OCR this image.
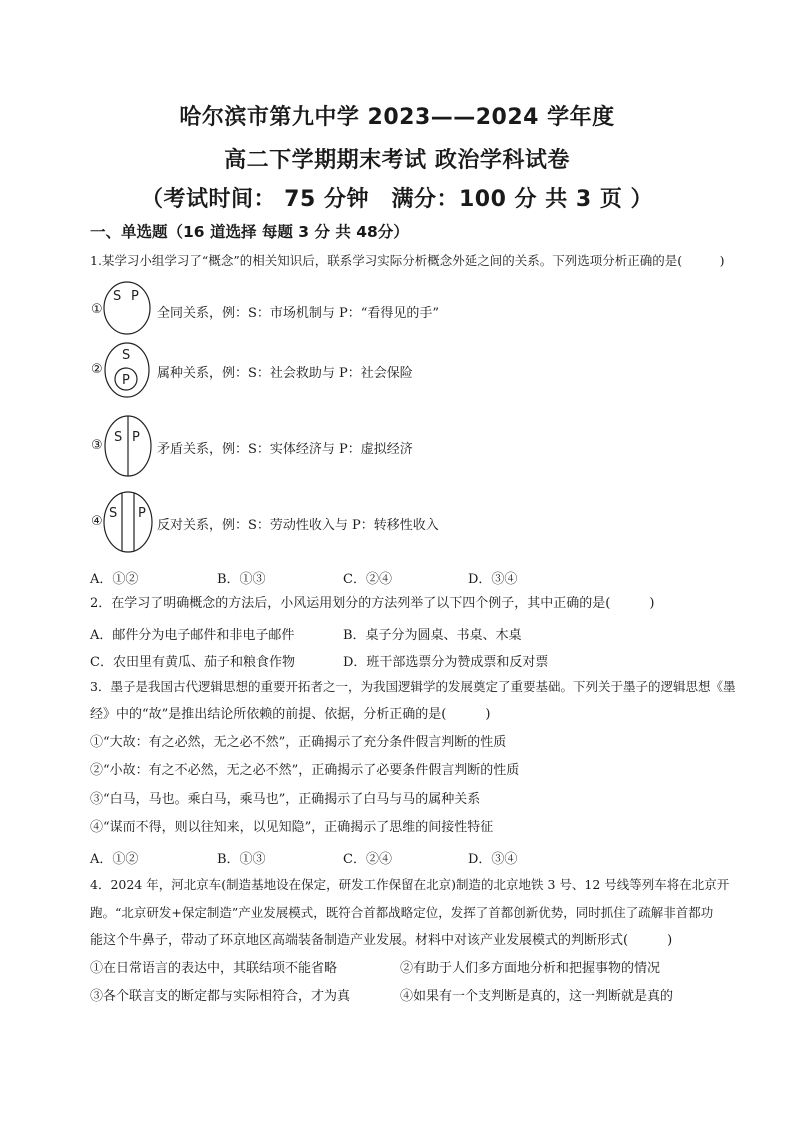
哈尔滨市第九中学 2023——2024 学年度
高二下学期期末考试 政治学科试卷
（考试时间： 75 分钟　满分：100 分 共 3 页 ）
一、单选题（16 道选择 每题 3 分 共 48分）
1.某学习小组学习了“概念”的相关知识后，联系学习实际分析概念外延之间的关系。下列选项分析正确的是(　　　)
①
S P
全同关系，例：S：市场机制与 P：“看得见的手”
②
S
P 属种关系，例：S：社会救助与 P：社会保险
③
S P
矛盾关系，例：S：实体经济与 P：虚拟经济
④
S P
反对关系，例：S：劳动性收入与 P：转移性收入
A．①②	B．①③	C．②④	D．③④
2．在学习了明确概念的方法后，小风运用划分的方法列举了以下四个例子，其中正确的是(　　　)
A．邮件分为电子邮件和非电子邮件	B．桌子分为圆桌、书桌、木桌
C．农田里有黄瓜、茄子和粮食作物	D．班干部选票分为赞成票和反对票
3．墨子是我国古代逻辑思想的重要开拓者之一，为我国逻辑学的发展奠定了重要基础。下列关于墨子的逻辑思想《墨
经》中的“故”是推出结论所依赖的前提、依据，分析正确的是(　　　)
①“大故：有之必然，无之必不然”，正确揭示了充分条件假言判断的性质
②“小故：有之不必然，无之必不然”，正确揭示了必要条件假言判断的性质
③“白马，马也。乘白马，乘马也”，正确揭示了白马与马的属种关系
④“谋而不得，则以往知来，以见知隐”，正确揭示了思维的间接性特征
A．①②	B．①③	C．②④	D．③④
4．2024 年，河北京车(制造基地设在保定，研发工作保留在北京)制造的北京地铁 3 号、12 号线等列车将在北京开
跑。“北京研发+保定制造”产业发展模式，既符合首都战略定位，发挥了首都创新优势，同时抓住了疏解非首都功
能这个牛鼻子，带动了环京地区高端装备制造产业发展。材料中对该产业发展模式的判断形式(　　　)
①在日常语言的表达中，其联结项不能省略	②有助于人们多方面地分析和把握事物的情况
③各个联言支的断定都与实际相符合，才为真	④如果有一个支判断是真的，这一判断就是真的
